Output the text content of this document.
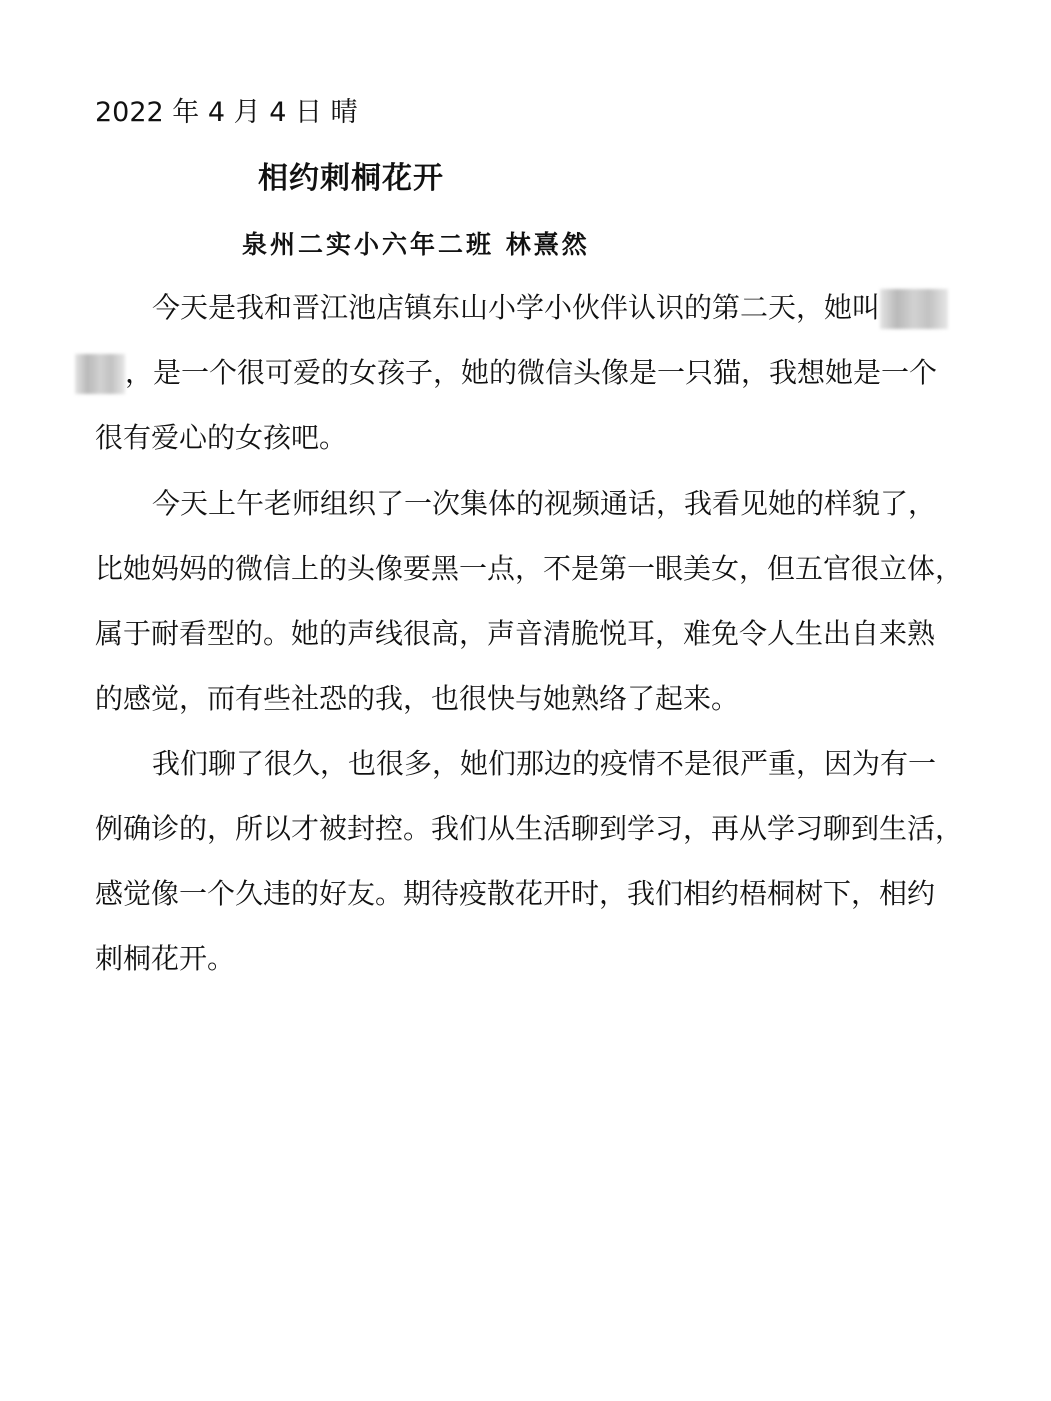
2022 年 4 月 4 日 晴
相约刺桐花开
泉州二实小六年二班 林熹然
今天是我和晋江池店镇东山小学小伙伴认识的第二天，她叫
，是一个很可爱的女孩子，她的微信头像是一只猫，我想她是一个
很有爱心的女孩吧。
今天上午老师组织了一次集体的视频通话，我看见她的样貌了，
比她妈妈的微信上的头像要黑一点，不是第一眼美女，但五官很立体，
属于耐看型的。她的声线很高，声音清脆悦耳，难免令人生出自来熟
的感觉，而有些社恐的我，也很快与她熟络了起来。
我们聊了很久，也很多，她们那边的疫情不是很严重，因为有一
例确诊的，所以才被封控。我们从生活聊到学习，再从学习聊到生活，
感觉像一个久违的好友。期待疫散花开时，我们相约梧桐树下，相约
刺桐花开。
